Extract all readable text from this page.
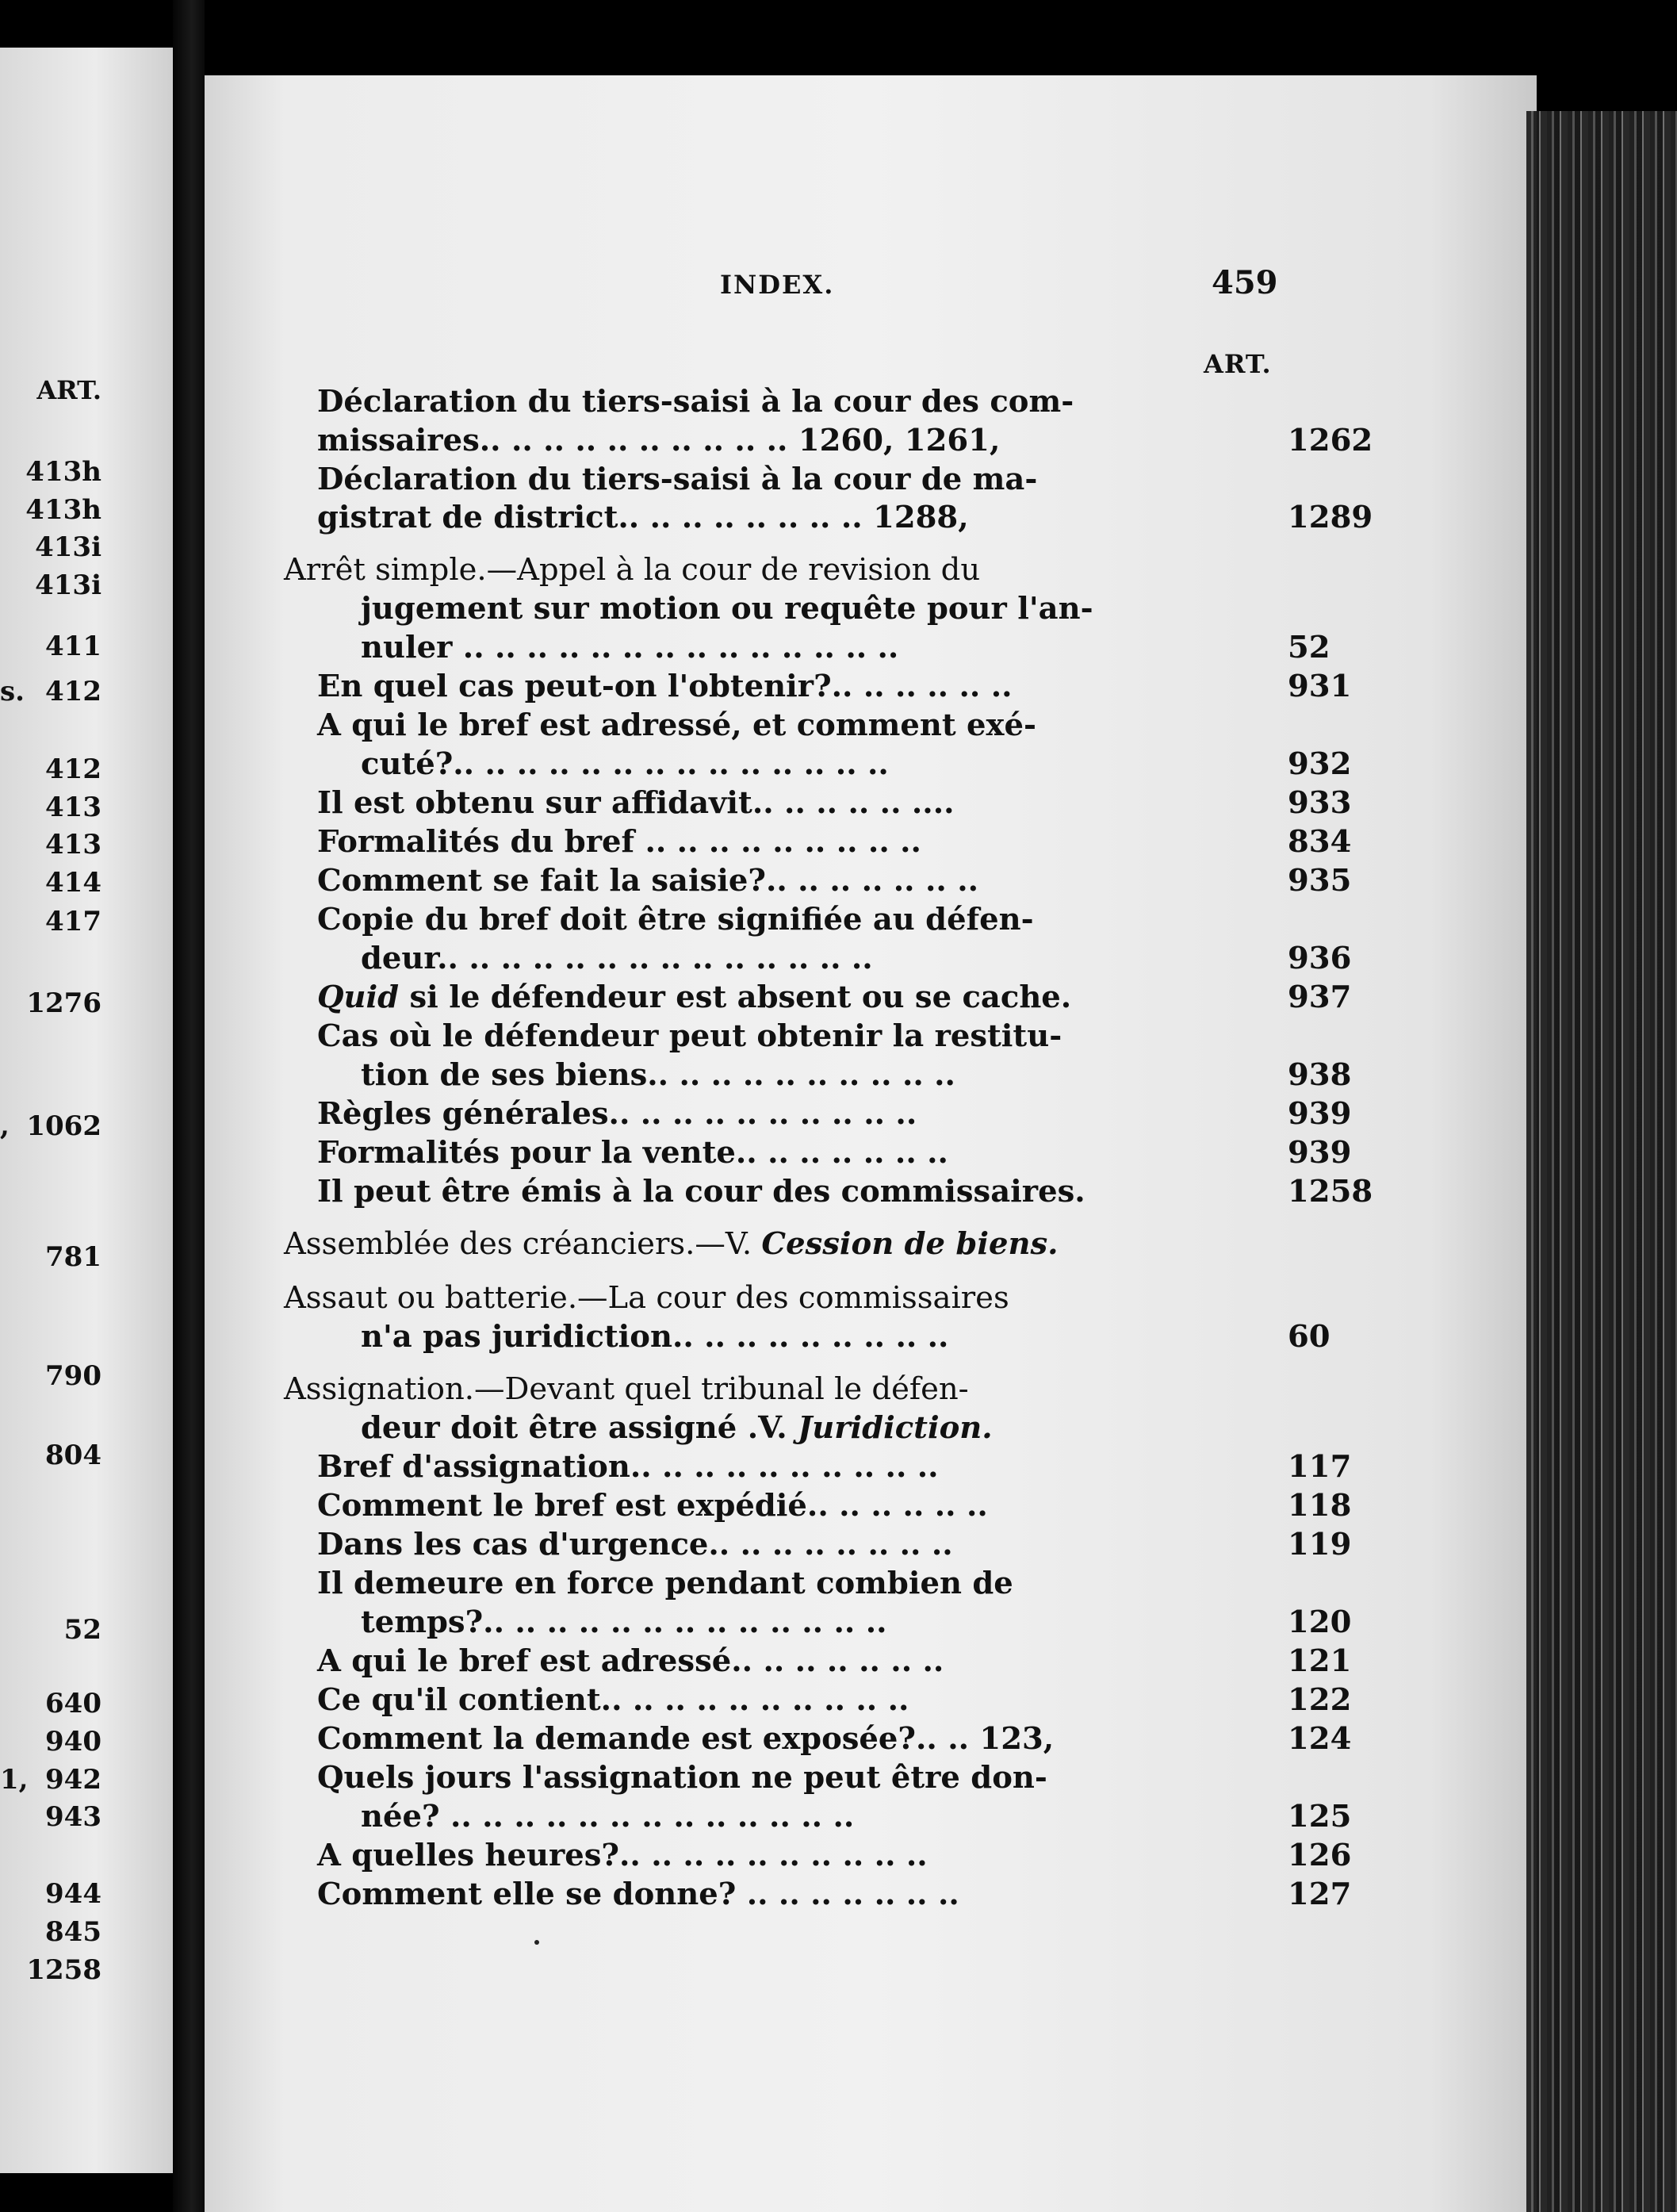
ART.
413h
413h
413i
413i
411
412
412
413
413
414
417
1276
1062
781
790
804
52
640
940
942
943
944
845
1258
s.
,
1,
INDEX.	459
ART.
Déclaration du tiers-saisi à la cour des com-
missaires.. .. .. .. .. .. .. .. .. .. 1260, 1261,	1262
Déclaration du tiers-saisi à la cour de ma-
gistrat de district.. .. .. .. .. .. .. .. 1288,	1289
Arrêt simple.—Appel à la cour de revision du
jugement sur motion ou requête pour l'an-
nuler .. .. .. .. .. .. .. .. .. .. .. .. .. ..	52
En quel cas peut-on l'obtenir?.. .. .. .. .. ..	931
A qui le bref est adressé, et comment exé-
cuté?.. .. .. .. .. .. .. .. .. .. .. .. .. ..	932
Il est obtenu sur affidavit.. .. .. .. .. ....	933
Formalités du bref .. .. .. .. .. .. .. .. ..	834
Comment se fait la saisie?.. .. .. .. .. .. ..	935
Copie du bref doit être signifiée au défen-
deur.. .. .. .. .. .. .. .. .. .. .. .. .. ..	936
Quid si le défendeur est absent ou se cache.	937
Cas où le défendeur peut obtenir la restitu-
tion de ses biens.. .. .. .. .. .. .. .. .. ..	938
Règles générales.. .. .. .. .. .. .. .. .. ..	939
Formalités pour la vente.. .. .. .. .. .. ..	939
Il peut être émis à la cour des commissaires.	1258
Assemblée des créanciers.—V. Cession de biens.
Assaut ou batterie.—La cour des commissaires
n'a pas juridiction.. .. .. .. .. .. .. .. ..	60
Assignation.—Devant quel tribunal le défen-
deur doit être assigné .V. Juridiction.
Bref d'assignation.. .. .. .. .. .. .. .. .. ..	117
Comment le bref est expédié.. .. .. .. .. ..	118
Dans les cas d'urgence.. .. .. .. .. .. .. ..	119
Il demeure en force pendant combien de
temps?.. .. .. .. .. .. .. .. .. .. .. .. ..	120
A qui le bref est adressé.. .. .. .. .. .. ..	121
Ce qu'il contient.. .. .. .. .. .. .. .. .. ..	122
Comment la demande est exposée?.. .. 123,	124
Quels jours l'assignation ne peut être don-
née? .. .. .. .. .. .. .. .. .. .. .. .. ..	125
A quelles heures?.. .. .. .. .. .. .. .. .. ..	126
Comment elle se donne? .. .. .. .. .. .. ..	127
